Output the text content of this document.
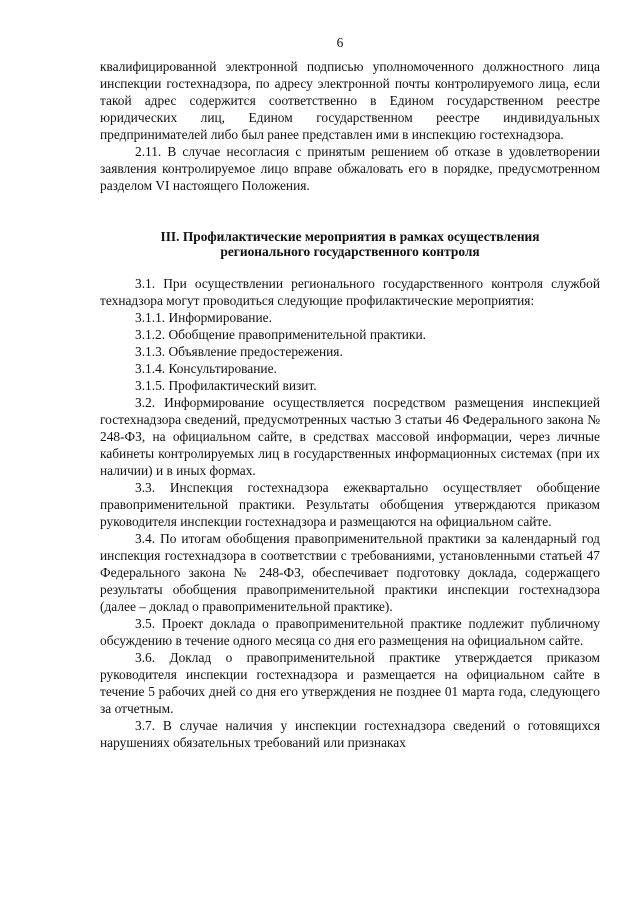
6

квалифицированной электронной подписью уполномоченного должностного лица инспекции гостехнадзора, по адресу электронной почты контролируемого лица, если такой адрес содержится соответственно в Едином государственном реестре юридических лиц, Едином государственном реестре индивидуальных предпринимателей либо был ранее представлен ими в инспекцию гостехнадзора.

2.11. В случае несогласия с принятым решением об отказе в удовлетворении заявления контролируемое лицо вправе обжаловать его в порядке, предусмотренном разделом VI настоящего Положения.

III. Профилактические мероприятия в рамках осуществления
регионального государственного контроля

3.1. При осуществлении регионального государственного контроля службой технадзора могут проводиться следующие профилактические мероприятия:

3.1.1. Информирование.

3.1.2. Обобщение правоприменительной практики.

3.1.3. Объявление предостережения.

3.1.4. Консультирование.

3.1.5. Профилактический визит.

3.2. Информирование осуществляется посредством размещения инспекцией гостехнадзора сведений, предусмотренных частью 3 статьи 46 Федерального закона № 248-ФЗ, на официальном сайте, в средствах массовой информации, через личные кабинеты контролируемых лиц в государственных информационных системах (при их наличии) и в иных формах.

3.3. Инспекция гостехнадзора ежеквартально осуществляет обобщение правоприменительной практики. Результаты обобщения утверждаются приказом руководителя инспекции гостехнадзора и размещаются на официальном сайте.

3.4. По итогам обобщения правоприменительной практики за календарный год инспекция гостехнадзора в соответствии с требованиями, установленными статьей 47 Федерального закона № 248-ФЗ, обеспечивает подготовку доклада, содержащего результаты обобщения правоприменительной практики инспекции гостехнадзора (далее – доклад о правоприменительной практике).

3.5. Проект доклада о правоприменительной практике подлежит публичному обсуждению в течение одного месяца со дня его размещения на официальном сайте.

3.6. Доклад о правоприменительной практике утверждается приказом руководителя инспекции гостехнадзора и размещается на официальном сайте в течение 5 рабочих дней со дня его утверждения не позднее 01 марта года, следующего за отчетным.

3.7. В случае наличия у инспекции гостехнадзора сведений о готовящихся нарушениях обязательных требований или признаках
